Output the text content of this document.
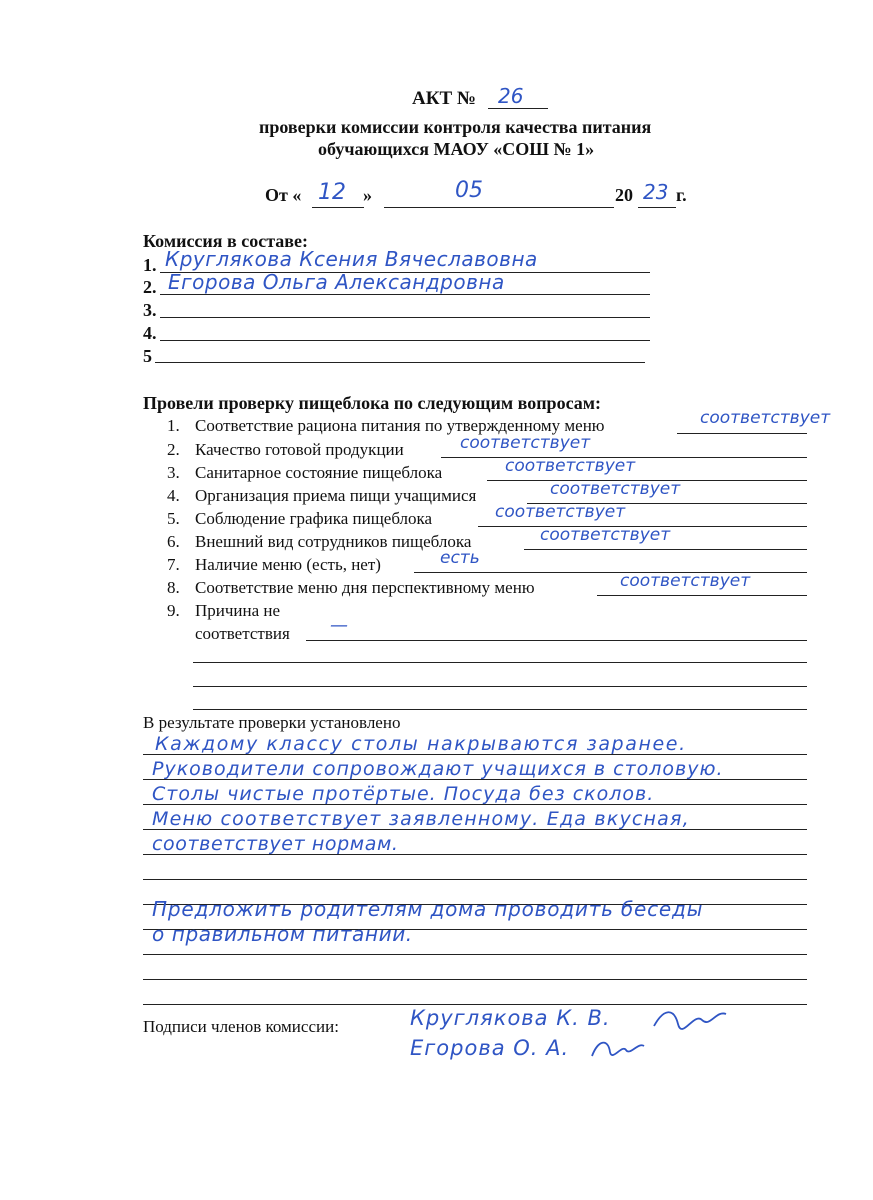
АКТ № 26
проверки комиссии контроля качества питания
обучающихся МАОУ «СОШ № 1»
От « 12 »	05	20 23 г.
Комиссия в составе:
1. Круглякова Ксения Вячеславовна
2. Егорова Ольга Александровна
3.
4.
5
Провели проверку пищеблока по следующим вопросам:
1. Соответствие рациона питания по утвержденному меню	соответствует
2. Качество готовой продукции	соответствует
3. Санитарное состояние пищеблока	соответствует
4. Организация приема пищи учащимися	соответствует
5. Соблюдение графика пищеблока	соответствует
6. Внешний вид сотрудников пищеблока	соответствует
7. Наличие меню (есть, нет)	есть
8. Соответствие меню дня перспективному меню	соответствует
9. Причина не
соответствия —
В результате проверки установлено
Каждому классу столы накрываются заранее.
Руководители сопровождают учащихся в столовую.
Столы чистые протёртые. Посуда без сколов.
Меню соответствует заявленному. Еда вкусная,
соответствует нормам.
Предложить родителям дома проводить беседы
о правильном питании.
Подписи членов комиссии:	Круглякова К. В.
Егорова О. А.
